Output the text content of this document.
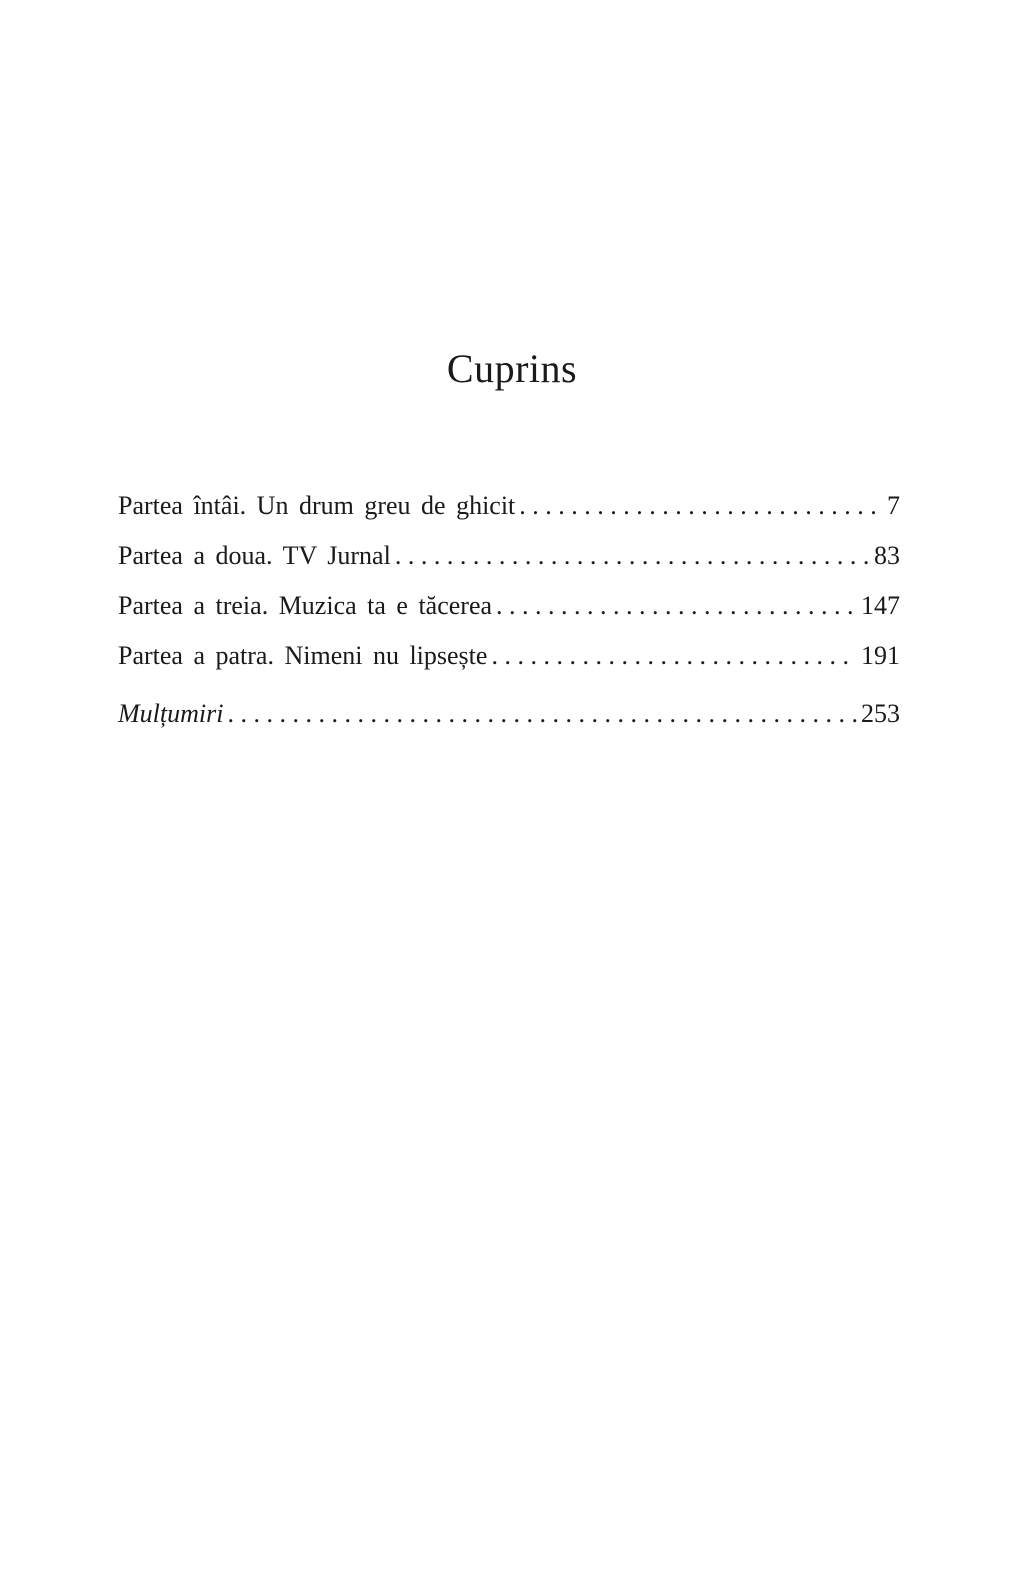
Cuprins
Partea întâi. Un drum greu de ghicit . . .	7
Partea a doua. TV Jurnal . . .	83
Partea a treia. Muzica ta e tăcerea . . .	147
Partea a patra. Nimeni nu lipsește . . .	191
Mulțumiri . . .	253
